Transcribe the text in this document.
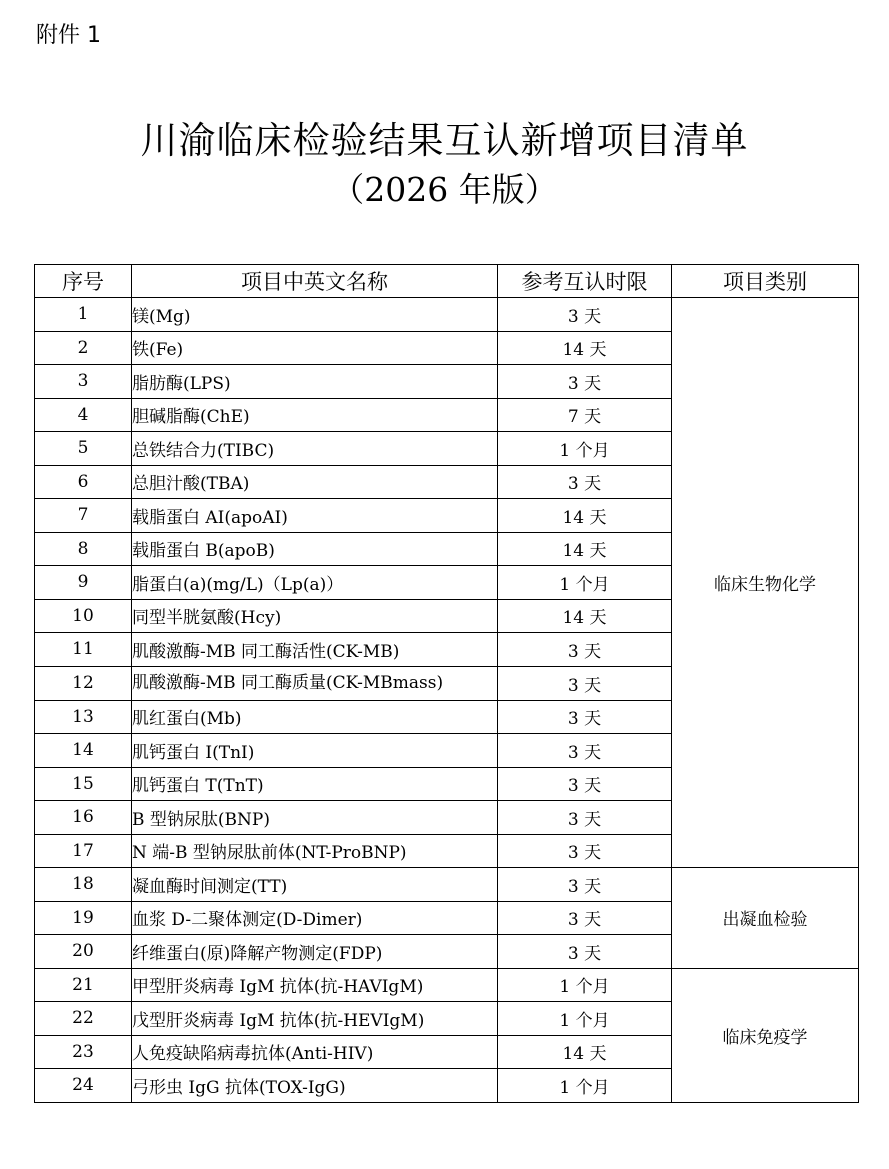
附件 1
川渝临床检验结果互认新增项目清单
（2026 年版）
序号	项目中英文名称	参考互认时限	项目类别
1	镁(Mg)	3 天	临床生物化学
2	铁(Fe)	14 天	
3	脂肪酶(LPS)	3 天	
4	胆碱脂酶(ChE)	7 天	
5	总铁结合力(TIBC)	1 个月	
6	总胆汁酸(TBA)	3 天	
7	载脂蛋白 AI(apoAI)	14 天	
8	载脂蛋白 B(apoB)	14 天	
9	脂蛋白(a)(mg/L)（Lp(a)）	1 个月	
10	同型半胱氨酸(Hcy)	14 天	
11	肌酸激酶-MB 同工酶活性(CK-MB)	3 天	
12	肌酸激酶-MB 同工酶质量(CK-MBmass)	3 天	
13	肌红蛋白(Mb)	3 天	
14	肌钙蛋白 I(TnI)	3 天	
15	肌钙蛋白 T(TnT)	3 天	
16	B 型钠尿肽(BNP)	3 天	
17	N 端-B 型钠尿肽前体(NT-ProBNP)	3 天	
18	凝血酶时间测定(TT)	3 天	出凝血检验
19	血浆 D-二聚体测定(D-Dimer)	3 天	
20	纤维蛋白(原)降解产物测定(FDP)	3 天	
21	甲型肝炎病毒 IgM 抗体(抗-HAVIgM)	1 个月	临床免疫学
22	戊型肝炎病毒 IgM 抗体(抗-HEVIgM)	1 个月	
23	人免疫缺陷病毒抗体(Anti-HIV)	14 天	
24	弓形虫 IgG 抗体(TOX-IgG)	1 个月	
